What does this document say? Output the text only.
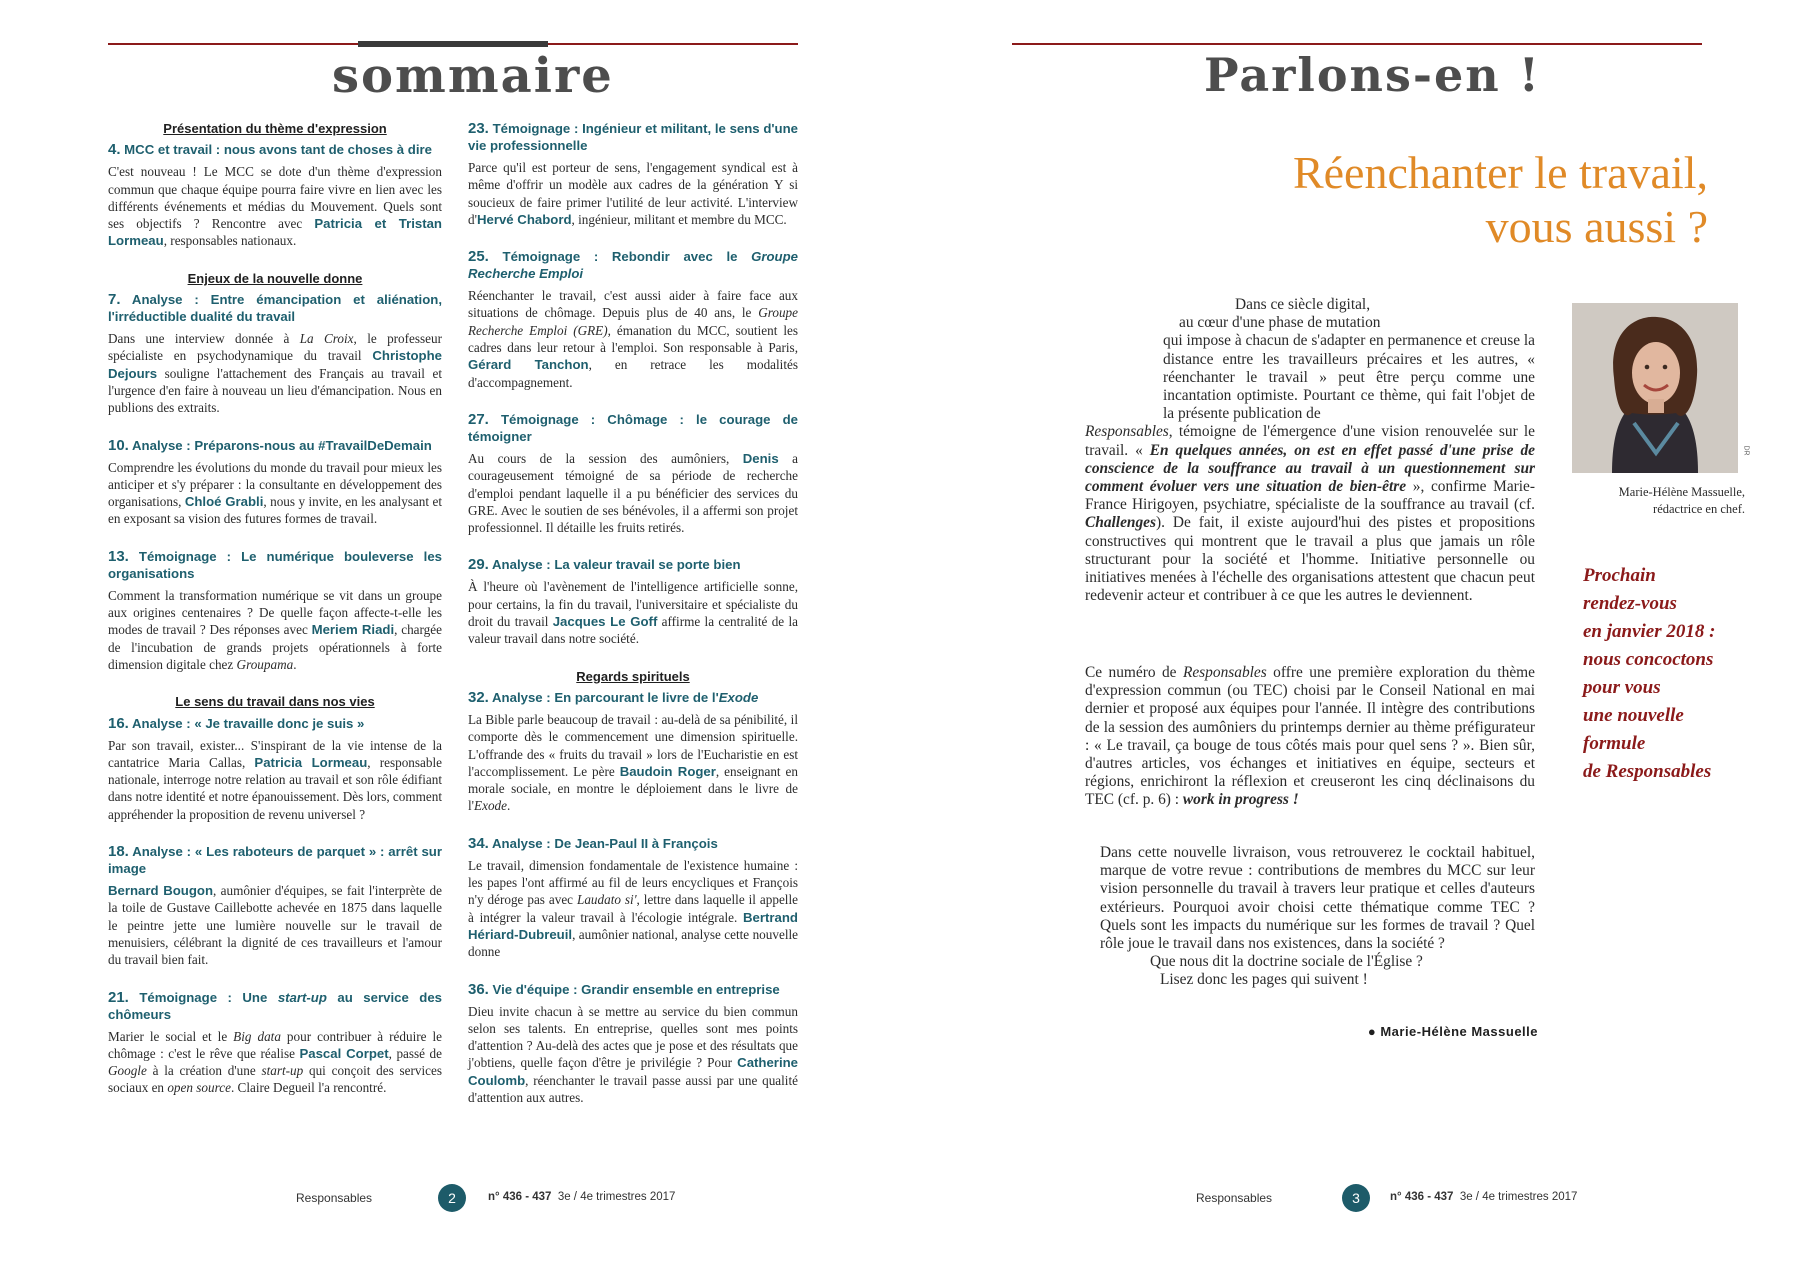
sommaire

Présentation du thème d'expression

4. MCC et travail : nous avons tant de choses à dire

C'est nouveau ! Le MCC se dote d'un thème d'expression commun que chaque équipe pourra faire vivre en lien avec les différents événements et médias du Mouvement. Quels sont ses objectifs ? Rencontre avec Patricia et Tristan Lormeau, responsables nationaux.

Enjeux de la nouvelle donne

7. Analyse : Entre émancipation et aliénation, l'irréductible dualité du travail

Dans une interview donnée à La Croix, le professeur spécialiste en psychodynamique du travail Christophe Dejours souligne l'attachement des Français au travail et l'urgence d'en faire à nouveau un lieu d'émancipation. Nous en publions des extraits.

10. Analyse : Préparons-nous au #TravailDeDemain

Comprendre les évolutions du monde du travail pour mieux les anticiper et s'y préparer : la consultante en développement des organisations, Chloé Grabli, nous y invite, en les analysant et en exposant sa vision des futures formes de travail.

13. Témoignage : Le numérique bouleverse les organisations

Comment la transformation numérique se vit dans un groupe aux origines centenaires ? De quelle façon affecte-t-elle les modes de travail ? Des réponses avec Meriem Riadi, chargée de l'incubation de grands projets opérationnels à forte dimension digitale chez Groupama.

Le sens du travail dans nos vies

16. Analyse : « Je travaille donc je suis »

Par son travail, exister... S'inspirant de la vie intense de la cantatrice Maria Callas, Patricia Lormeau, responsable nationale, interroge notre relation au travail et son rôle édifiant dans notre identité et notre épanouissement. Dès lors, comment appréhender la proposition de revenu universel ?

18. Analyse : « Les raboteurs de parquet » : arrêt sur image

Bernard Bougon, aumônier d'équipes, se fait l'interprète de la toile de Gustave Caillebotte achevée en 1875 dans laquelle le peintre jette une lumière nouvelle sur le travail de menuisiers, célébrant la dignité de ces travailleurs et l'amour du travail bien fait.

21. Témoignage : Une start-up au service des chômeurs

Marier le social et le Big data pour contribuer à réduire le chômage : c'est le rêve que réalise Pascal Corpet, passé de Google à la création d'une start-up qui conçoit des services sociaux en open source. Claire Degueil l'a rencontré.

23. Témoignage : Ingénieur et militant, le sens d'une vie professionnelle

Parce qu'il est porteur de sens, l'engagement syndical est à même d'offrir un modèle aux cadres de la génération Y si soucieux de faire primer l'utilité de leur activité. L'interview d'Hervé Chabord, ingénieur, militant et membre du MCC.

25. Témoignage : Rebondir avec le Groupe Recherche Emploi

Réenchanter le travail, c'est aussi aider à faire face aux situations de chômage. Depuis plus de 40 ans, le Groupe Recherche Emploi (GRE), émanation du MCC, soutient les cadres dans leur retour à l'emploi. Son responsable à Paris, Gérard Tanchon, en retrace les modalités d'accompagnement.

27. Témoignage : Chômage : le courage de témoigner

Au cours de la session des aumôniers, Denis a courageusement témoigné de sa période de recherche d'emploi pendant laquelle il a pu bénéficier des services du GRE. Avec le soutien de ses bénévoles, il a affermi son projet professionnel. Il détaille les fruits retirés.

29. Analyse : La valeur travail se porte bien

À l'heure où l'avènement de l'intelligence artificielle sonne, pour certains, la fin du travail, l'universitaire et spécialiste du droit du travail Jacques Le Goff affirme la centralité de la valeur travail dans notre société.

Regards spirituels

32. Analyse : En parcourant le livre de l'Exode

La Bible parle beaucoup de travail : au-delà de sa pénibilité, il comporte dès le commencement une dimension spirituelle. L'offrande des « fruits du travail » lors de l'Eucharistie en est l'accomplissement. Le père Baudoin Roger, enseignant en morale sociale, en montre le déploiement dans le livre de l'Exode.

34. Analyse : De Jean-Paul II à François

Le travail, dimension fondamentale de l'existence humaine : les papes l'ont affirmé au fil de leurs encycliques et François n'y déroge pas avec Laudato si', lettre dans laquelle il appelle à intégrer la valeur travail à l'écologie intégrale. Bertrand Hériard-Dubreuil, aumônier national, analyse cette nouvelle donne

36. Vie d'équipe : Grandir ensemble en entreprise

Dieu invite chacun à se mettre au service du bien commun selon ses talents. En entreprise, quelles sont mes points d'attention ? Au-delà des actes que je pose et des résultats que j'obtiens, quelle façon d'être je privilégie ? Pour Catherine Coulomb, réenchanter le travail passe aussi par une qualité d'attention aux autres.

Responsables	2	n° 436 - 437 3e / 4e trimestres 2017
Parlons-en !
Réenchanter le travail,
vous aussi ?

Dans ce siècle digital,
au cœur d'une phase de mutation
qui impose à chacun de s'adapter en permanence et creuse la distance entre les travailleurs précaires et les autres, « réenchanter le travail » peut être perçu comme une incantation optimiste. Pourtant ce thème, qui fait l'objet de la présente publication de
Responsables, témoigne de l'émergence d'une vision renouvelée sur le travail. « En quelques années, on est en effet passé d'une prise de conscience de la souffrance au travail à un questionnement sur comment évoluer vers une situation de bien-être », confirme Marie-France Hirigoyen, psychiatre, spécialiste de la souffrance au travail (cf. Challenges). De fait, il existe aujourd'hui des pistes et propositions constructives qui montrent que le travail a plus que jamais un rôle structurant pour la société et l'homme. Initiative personnelle ou initiatives menées à l'échelle des organisations attestent que chacun peut redevenir acteur et contribuer à ce que les autres le deviennent.

Ce numéro de Responsables offre une première exploration du thème d'expression commun (ou TEC) choisi par le Conseil National en mai dernier et proposé aux équipes pour l'année. Il intègre des contributions de la session des aumôniers du printemps dernier au thème préfigurateur : « Le travail, ça bouge de tous côtés mais pour quel sens ? ». Bien sûr, d'autres articles, vos échanges et initiatives en équipe, secteurs et régions, enrichiront la réflexion et creuseront les cinq déclinaisons du TEC (cf. p. 6) : work in progress !

Dans cette nouvelle livraison, vous retrouverez le cocktail habituel, marque de votre revue : contributions de membres du MCC sur leur vision personnelle du travail à travers leur pratique et celles d'auteurs extérieurs. Pourquoi avoir choisi cette thématique comme TEC ? Quels sont les impacts du numérique sur les formes de travail ? Quel rôle joue le travail dans nos existences, dans la société ?

Que nous dit la doctrine sociale de l'Église ?

Lisez donc les pages qui suivent !

● Marie-Hélène Massuelle
DR
Marie-Hélène Massuelle,
rédactrice en chef.
Prochain
rendez-vous
en janvier 2018 :
nous concoctons
pour vous
une nouvelle
formule
de Responsables
Responsables	3	n° 436 - 437 3e / 4e trimestres 2017
